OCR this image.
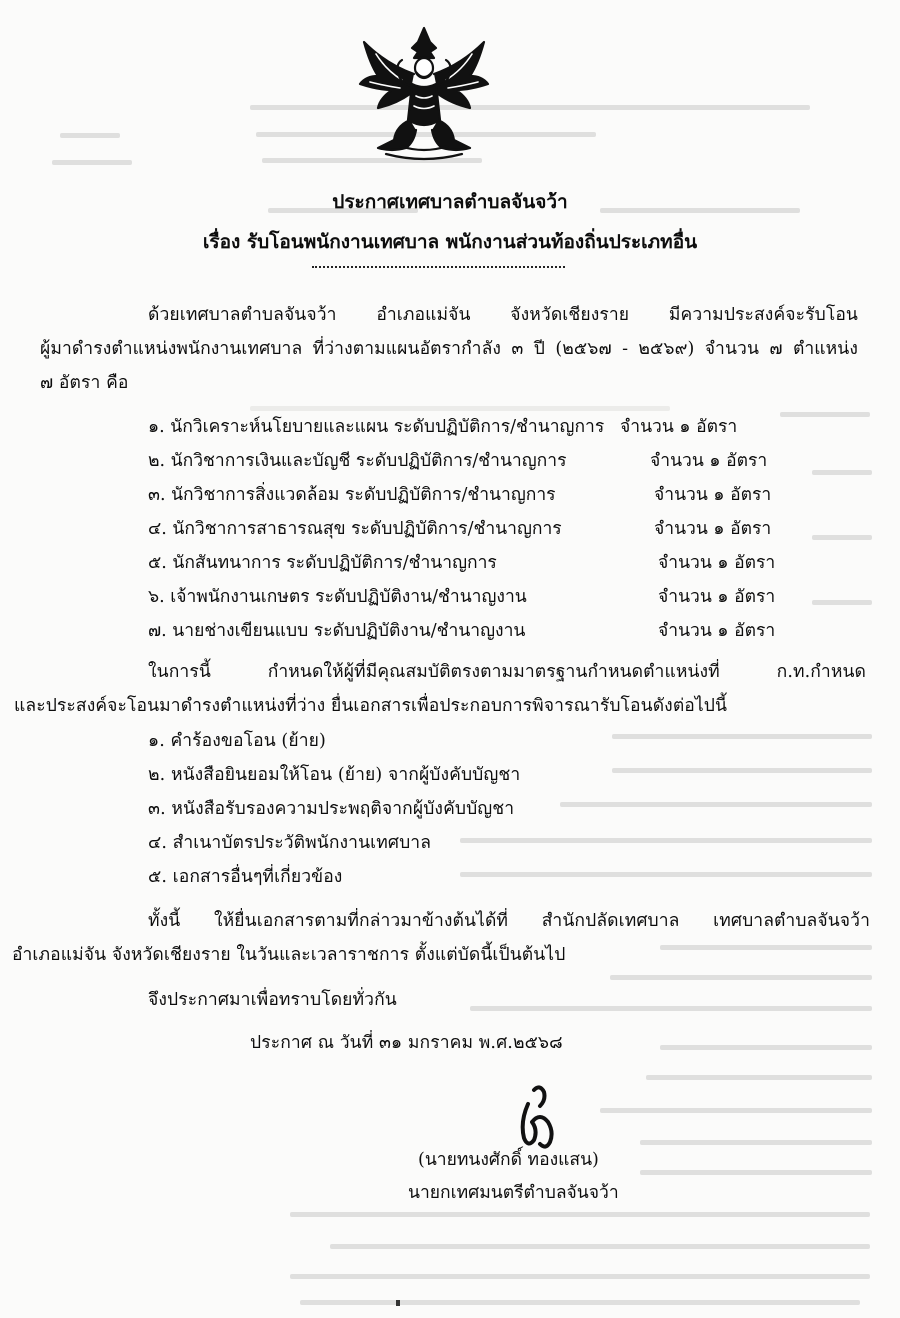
ประกาศเทศบาลตำบลจันจว้า
เรื่อง รับโอนพนักงานเทศบาล พนักงานส่วนท้องถิ่นประเภทอื่น
ด้วยเทศบาลตำบลจันจว้า อำเภอแม่จัน จังหวัดเชียงราย มีความประสงค์จะรับโอน
ผู้มาดำรงตำแหน่งพนักงานเทศบาล ที่ว่างตามแผนอัตรากำลัง ๓ ปี (๒๕๖๗ - ๒๕๖๙) จำนวน ๗ ตำแหน่ง
๗ อัตรา คือ
๑. นักวิเคราะห์นโยบายและแผน ระดับปฏิบัติการ/ชำนาญการ จำนวน ๑ อัตรา
๒. นักวิชาการเงินและบัญชี ระดับปฏิบัติการ/ชำนาญการ	จำนวน ๑ อัตรา
๓. นักวิชาการสิ่งแวดล้อม ระดับปฏิบัติการ/ชำนาญการ	จำนวน ๑ อัตรา
๔. นักวิชาการสาธารณสุข ระดับปฏิบัติการ/ชำนาญการ	จำนวน ๑ อัตรา
๕. นักสันทนาการ ระดับปฏิบัติการ/ชำนาญการ	จำนวน ๑ อัตรา
๖. เจ้าพนักงานเกษตร ระดับปฏิบัติงาน/ชำนาญงาน	จำนวน ๑ อัตรา
๗. นายช่างเขียนแบบ ระดับปฏิบัติงาน/ชำนาญงาน	จำนวน ๑ อัตรา
ในการนี้ กำหนดให้ผู้ที่มีคุณสมบัติตรงตามมาตรฐานกำหนดตำแหน่งที่ ก.ท.กำหนด
และประสงค์จะโอนมาดำรงตำแหน่งที่ว่าง ยื่นเอกสารเพื่อประกอบการพิจารณารับโอนดังต่อไปนี้
๑. คำร้องขอโอน (ย้าย)
๒. หนังสือยินยอมให้โอน (ย้าย) จากผู้บังคับบัญชา
๓. หนังสือรับรองความประพฤติจากผู้บังคับบัญชา
๔. สำเนาบัตรประวัติพนักงานเทศบาล
๕. เอกสารอื่นๆที่เกี่ยวข้อง
ทั้งนี้ ให้ยื่นเอกสารตามที่กล่าวมาข้างต้นได้ที่ สำนักปลัดเทศบาล เทศบาลตำบลจันจว้า
อำเภอแม่จัน จังหวัดเชียงราย ในวันและเวลาราชการ ตั้งแต่บัดนี้เป็นต้นไป
จึงประกาศมาเพื่อทราบโดยทั่วกัน
ประกาศ ณ วันที่ ๓๑ มกราคม พ.ศ.๒๕๖๘
(นายทนงศักดิ์ ทองแสน)
นายกเทศมนตรีตำบลจันจว้า
